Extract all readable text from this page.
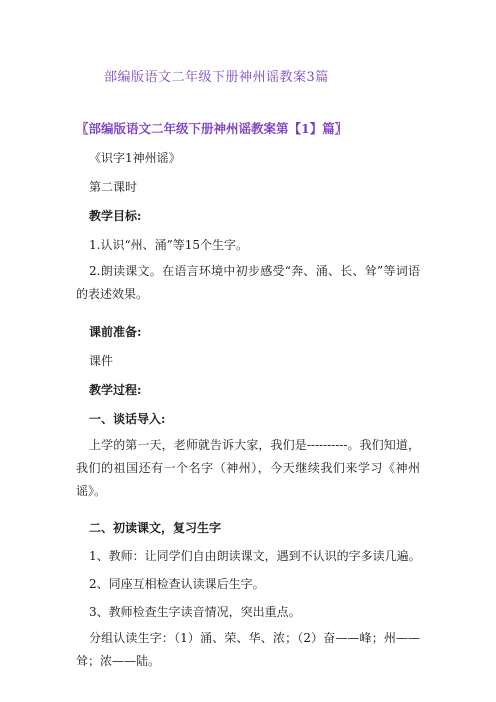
部编版语文二年级下册神州谣教案3篇
〖部编版语文二年级下册神州谣教案第【1】篇〗
《识字1神州谣》
第二课时
教学目标:
1.认识“州、涌”等15个生字。
2.朗读课文。在语言环境中初步感受“奔、涌、长、耸”等词语的表述效果。
课前准备:
课件
教学过程:
一、谈话导入:
上学的第一天，老师就告诉大家，我们是----------。我们知道，我们的祖国还有一个名字（神州），今天继续我们来学习《神州谣》。
二、初读课文，复习生字
1、教师：让同学们自由朗读课文，遇到不认识的字多读几遍。
2、同座互相检查认读课后生字。
3、教师检查生字读音情况，突出重点。
分组认读生字：（1）涌、荣、华、浓；（2）奋——峰；州——耸；浓——陆。
